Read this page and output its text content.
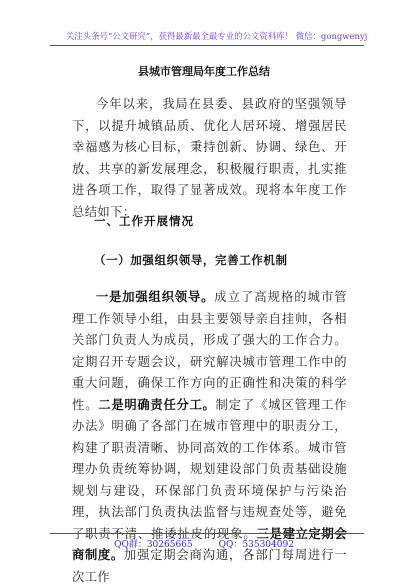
关注头条号“公文研究”，获得最新最全最专业的公文资料库！ 微信：gongwenyj
县城市管理局年度工作总结
今年以来，我局在县委、县政府的坚强领导下，以提升城镇品质、优化人居环境、增强居民幸福感为核心目标，秉持创新、协调、绿色、开放、共享的新发展理念，积极履行职责，扎实推进各项工作，取得了显著成效。现将本年度工作总结如下：
一、工作开展情况
（一）加强组织领导，完善工作机制
一是加强组织领导。成立了高规格的城市管理工作领导小组，由县主要领导亲自挂帅，各相关部门负责人为成员，形成了强大的工作合力。定期召开专题会议，研究解决城市管理工作中的重大问题，确保工作方向的正确性和决策的科学性。二是明确责任分工。制定了《城区管理工作办法》明确了各部门在城市管理中的职责分工，构建了职责清晰、协同高效的工作体系。城市管理办负责统筹协调，规划建设部门负责基础设施规划与建设，环保部门负责环境保护与污染治理，执法部门负责执法监督与违规查处等，避免了职责不清、推诿扯皮的现象。三是建立定期会商制度。加强定期会商沟通，各部门每周进行一次工作
QQ群：30265665	QQ：535304092
